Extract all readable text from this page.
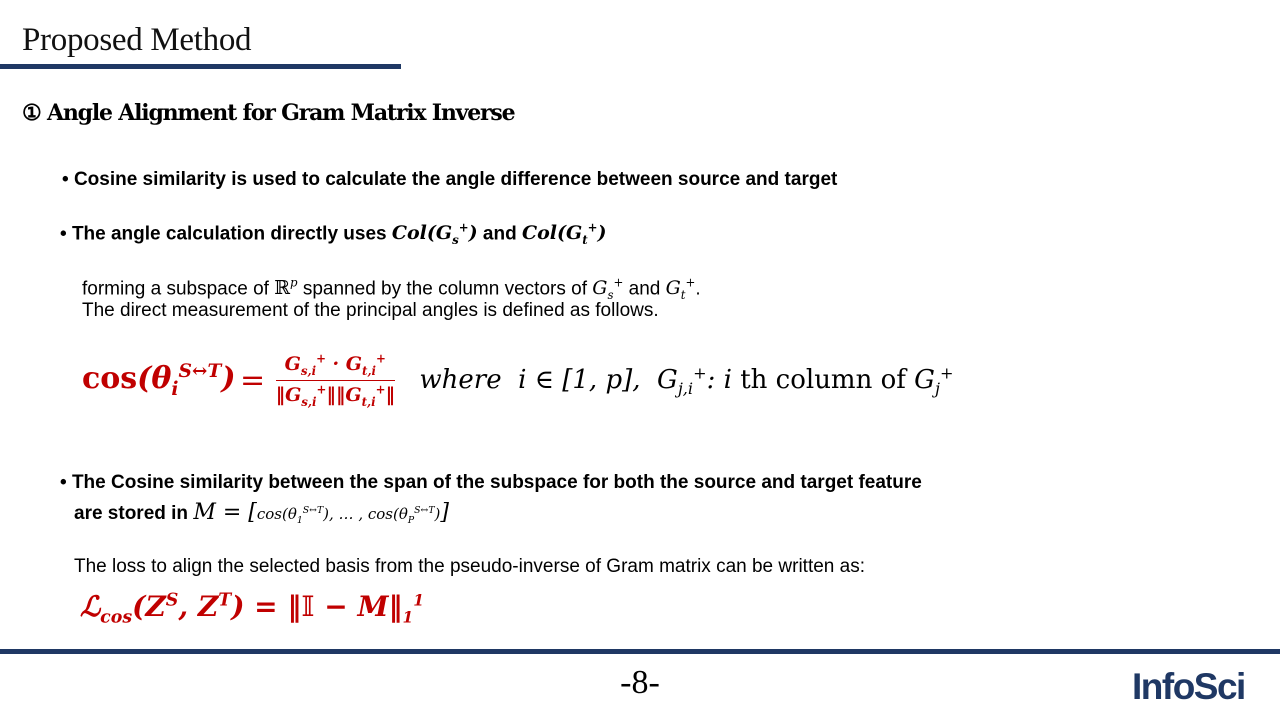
Proposed Method
① Angle Alignment for Gram Matrix Inverse
• Cosine similarity is used to calculate the angle difference between source and target
• The angle calculation directly uses $Col(G_s^+)$ and $Col(G_t^+)$
forming a subspace of ℝ$^p$ spanned by the column vectors of $G_s^+$ and $G_t^+$.
The direct measurement of the principal angles is defined as follows.
$\cos(\theta_i^{S\leftrightarrow T}) = \frac{G_{s,i}^+ \cdot G_{t,i}^+}{‖G_{s,i}^+‖‖G_{t,i}^+‖}$ where  i ∈ [1, p],  $G_{j,i}^+$: i th column of $G_j^+$
• The Cosine similarity between the span of the subspace for both the source and target feature
are stored in $M = [\cos(\theta_1^{S\leftrightarrow T})$, … , $\cos(\theta_P^{S\leftrightarrow T})$]
The loss to align the selected basis from the pseudo-inverse of Gram matrix can be written as:
$ℒ_{cos}(Z^S$, $Z^T$) = ‖𝕀 − $M‖_1^1$
-8-	InfoSci
